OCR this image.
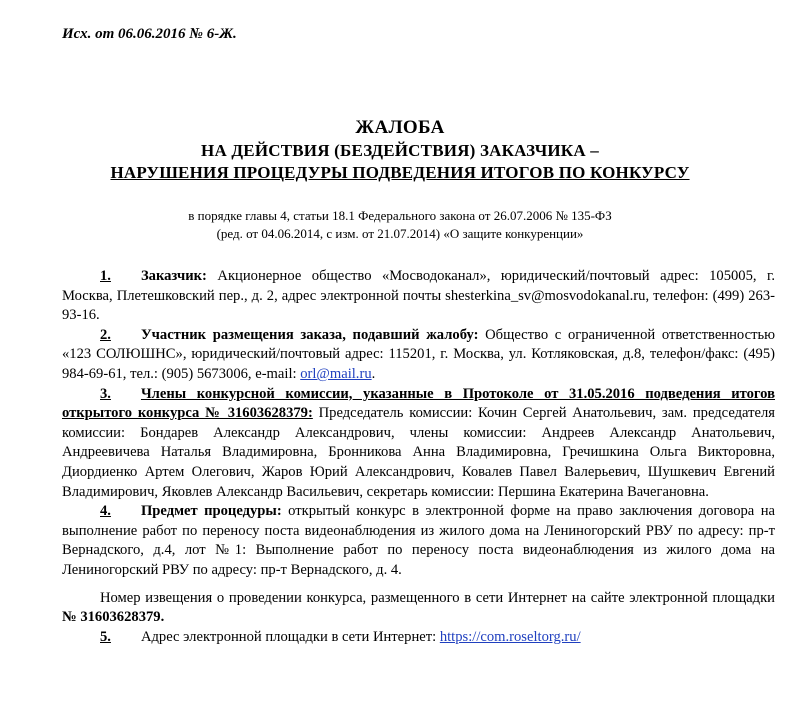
Исх. от 06.06.2016 № 6-Ж.
ЖАЛОБА
НА ДЕЙСТВИЯ (БЕЗДЕЙСТВИЯ) ЗАКАЗЧИКА –
НАРУШЕНИЯ ПРОЦЕДУРЫ ПОДВЕДЕНИЯ ИТОГОВ ПО КОНКУРСУ
в порядке главы 4, статьи 18.1 Федерального закона от 26.07.2006 № 135-ФЗ
(ред. от 04.06.2014, с изм. от 21.07.2014) «О защите конкуренции»

1. Заказчик: Акционерное общество «Мосводоканал», юридический/почтовый адрес: 105005, г. Москва, Плетешковский пер., д. 2, адрес электронной почты shesterkina_sv@mosvodokanal.ru, телефон: (499) 263-93-16.

2. Участник размещения заказа, подавший жалобу: Общество с ограниченной ответственностью «123 СОЛЮШНС», юридический/почтовый адрес: 115201, г. Москва, ул. Котляковская, д.8, телефон/факс: (495) 984-69-61, тел.: (905) 5673006, e-mail: orl@mail.ru.

3. Члены конкурсной комиссии, указанные в Протоколе от 31.05.2016 подведения итогов открытого конкурса № 31603628379: Председатель комиссии: Кочин Сергей Анатольевич, зам. председателя комиссии: Бондарев Александр Александрович, члены комиссии: Андреев Александр Анатольевич, Андреевичева Наталья Владимировна, Бронникова Анна Владимировна, Гречишкина Ольга Викторовна, Диордиенко Артем Олегович, Жаров Юрий Александрович, Ковалев Павел Валерьевич, Шушкевич Евгений Владимирович, Яковлев Александр Васильевич, секретарь комиссии: Першина Екатерина Вачегановна.

4. Предмет процедуры: открытый конкурс в электронной форме на право заключения договора на выполнение работ по переносу поста видеонаблюдения из жилого дома на Лениногорский РВУ по адресу: пр-т Вернадского, д.4, лот №1: Выполнение работ по переносу поста видеонаблюдения из жилого дома на Лениногорский РВУ по адресу: пр-т Вернадского, д. 4.

Номер извещения о проведении конкурса, размещенного в сети Интернет на сайте электронной площадки № 31603628379.

5. Адрес электронной площадки в сети Интернет: https://com.roseltorg.ru/
